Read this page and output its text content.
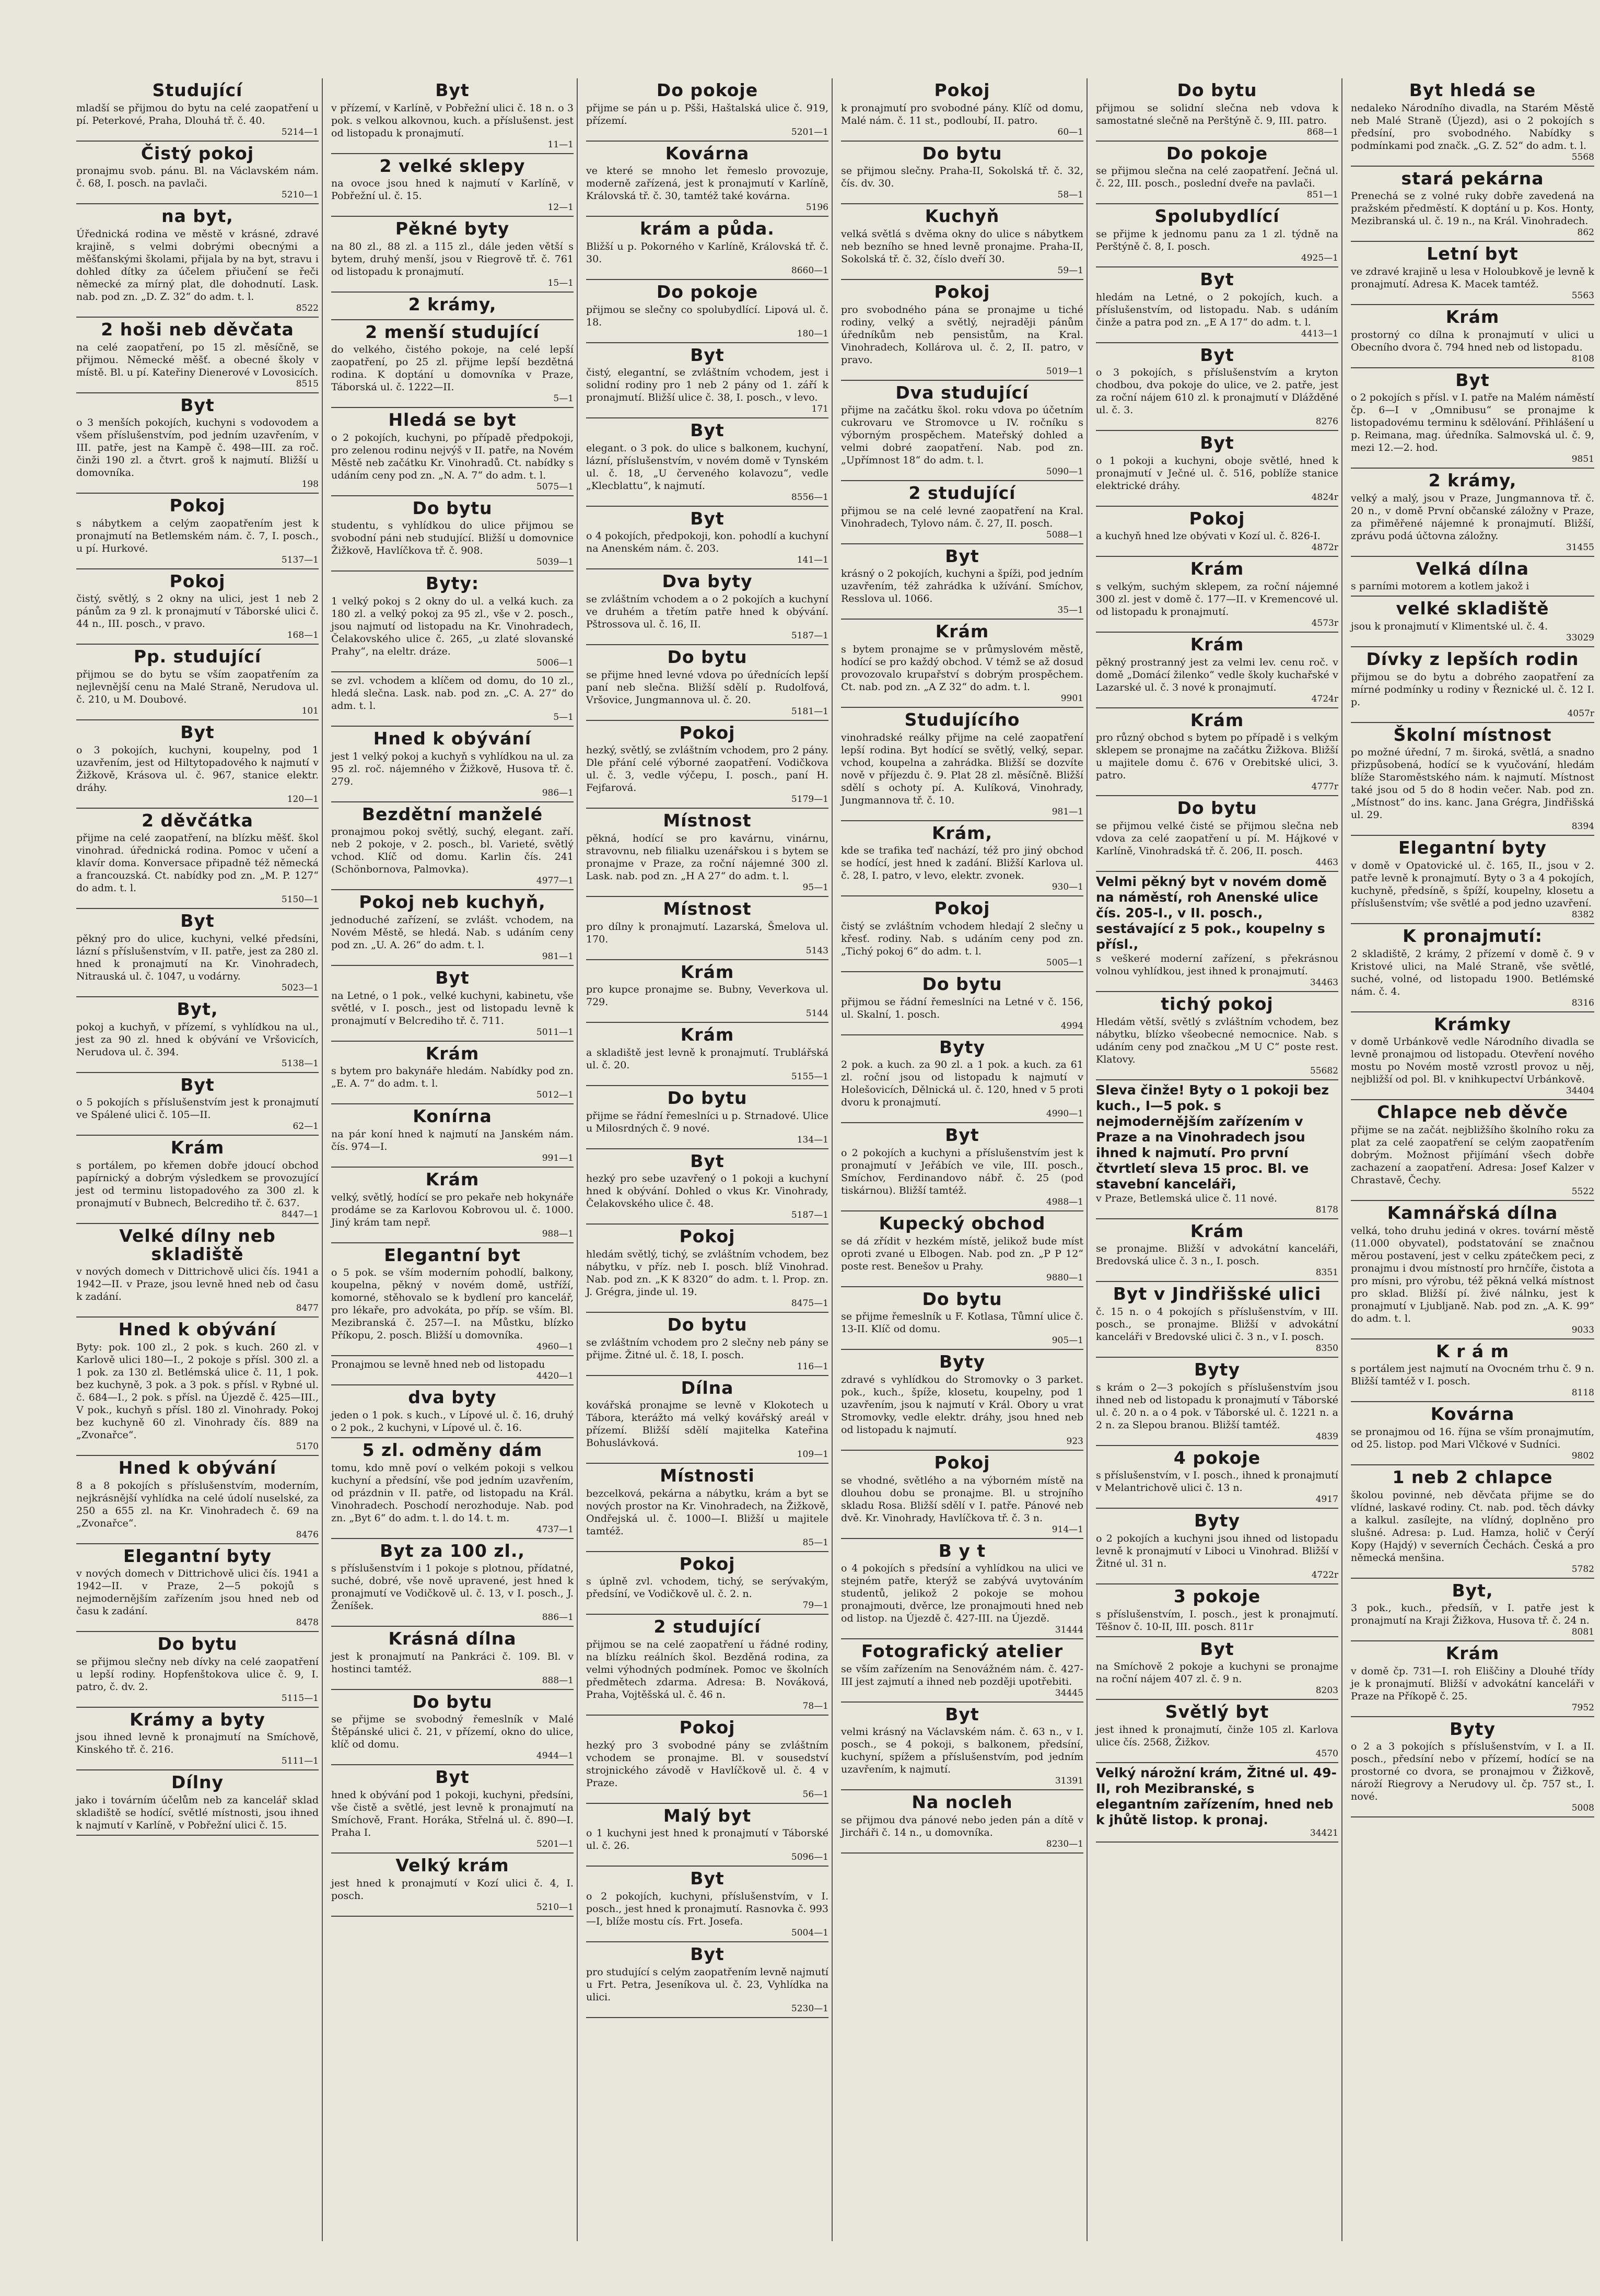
Studující

mladší se přijmou do bytu na celé zaopatření u pí. Peterkové, Praha, Dlouhá tř. č. 40.

5214—1
Čistý pokoj

pronajmu svob. pánu. Bl. na Václavském nám. č. 68, I. posch. na pavlači.

5210—1
na byt,

Úřednická rodina ve městě v krásné, zdravé krajině, s velmi dobrými obecnými a měšťanskými školami, přijala by na byt, stravu i dohled dítky za účelem přiučení se řeči německé za mírný plat, dle dohodnutí. Lask. nab. pod zn. „D. Z. 32“ do adm. t. l.

8522
2 hoši neb děvčata

na celé zaopatření, po 15 zl. měsíčně, se přijmou. Německé měšť. a obecné školy v místě. Bl. u pí. Kateřiny Dienerové v Lovosicích.

8515
Byt

o 3 menších pokojích, kuchyni s vodovodem a všem příslušenstvím, pod jedním uzavřením, v III. patře, jest na Kampě č. 498—III. za roč. činži 190 zl. a čtvrt. groš k najmutí. Bližší u domovníka.

198
Pokoj

s nábytkem a celým zaopatřením jest k pronajmutí na Betlemském nám. č. 7, I. posch., u pí. Hurkové.

5137—1
Pokoj

čistý, světlý, s 2 okny na ulici, jest 1 neb 2 pánům za 9 zl. k pronajmutí v Táborské ulici č. 44 n., III. posch., v pravo.

168—1
Pp. studující

přijmou se do bytu se vším zaopatřením za nejlevnější cenu na Malé Straně, Nerudova ul. č. 210, u M. Doubové.

101
Byt

o 3 pokojích, kuchyni, koupelny, pod 1 uzavřením, jest od Hiltytopadového k najmutí v Žižkově, Krásova ul. č. 967, stanice elektr. dráhy.

120—1
2 děvčátka

přijme na celé zaopatření, na blízku měšť. škol vinohrad. úřednická rodina. Pomoc v učení a klavír doma. Konversace připadně též německá a francouzská. Ct. nabídky pod zn. „M. P. 127“ do adm. t. l.

5150—1
Byt

pěkný pro do ulice, kuchyni, velké předsíni, lázní s příslušenstvím, v II. patře, jest za 280 zl. hned k pronajmutí na Kr. Vinohradech, Nitrauská ul. č. 1047, u vodárny.

5023—1
Byt,

pokoj a kuchyň, v přízemí, s vyhlídkou na ul., jest za 90 zl. hned k obývání ve Vršovicích, Nerudova ul. č. 394.

5138—1
Byt

o 5 pokojích s příslušenstvím jest k pronajmutí ve Spálené ulici č. 105—II.

62—1
Krám

s portálem, po křemen dobře jdoucí obchod papírnický a dobrým výsledkem se provozující jest od terminu listopadového za 300 zl. k pronajmutí v Bubnech, Belcrediho tř. č. 637.

8447—1
Velké dílny neb skladiště

v nových domech v Dittrichově ulici čís. 1941 a 1942—II. v Praze, jsou levně hned neb od času k zadání.

8477
Hned k obývání

Byty: pok. 100 zl., 2 pok. s kuch. 260 zl. v Karlově ulici 180—I., 2 pokoje s přísl. 300 zl. a 1 pok. za 130 zl. Betlémská ulice č. 11, 1 pok. bez kuchyně, 3 pok. a 3 pok. s přísl. v Rybné ul. č. 684—I., 2 pok. s přísl. na Újezdě č. 425—III., V pok., kuchyň s přísl. 180 zl. Vinohrady. Pokoj bez kuchyně 60 zl. Vinohrady čís. 889 na „Zvonařce“.

5170
Hned k obývání

8 a 8 pokojích s příslušenstvím, moderním, nejkrásnější vyhlídka na celé údolí nuselské, za 250 a 655 zl. na Kr. Vinohradech č. 69 na „Zvonařce“.

8476
Elegantní byty

v nových domech v Dittrichově ulici čís. 1941 a 1942—II. v Praze, 2—5 pokojů s nejmodernějším zařízením jsou hned neb od času k zadání.

8478
Do bytu

se přijmou slečny neb dívky na celé zaopatření u lepší rodiny. Hopfenštokova ulice č. 9, I. patro, č. dv. 2.

5115—1
Krámy a byty

jsou ihned levně k pronajmutí na Smíchově, Kinského tř. č. 216.

5111—1
Dílny

jako i továrním účelům neb za kancelář sklad skladiště se hodící, světlé místnosti, jsou ihned k najmutí v Karlíně, v Pobřežní ulici č. 15.

Byt

v přízemí, v Karlíně, v Pobřežní ulici č. 18 n. o 3 pok. s velkou alkovnou, kuch. a příslušenst. jest od listopadu k pronajmutí.

11—1
2 velké sklepy

na ovoce jsou hned k najmutí v Karlíně, v Pobřežní ul. č. 15.

12—1
Pěkné byty

na 80 zl., 88 zl. a 115 zl., dále jeden větší s bytem, druhý menší, jsou v Riegrově tř. č. 761 od listopadu k pronajmutí.

15—1
2 krámy,
2 menší studující

do velkého, čistého pokoje, na celé lepší zaopatření, po 25 zl. přijme lepší bezdětná rodina. K doptání u domovníka v Praze, Táborská ul. č. 1222—II.

5—1
Hledá se byt

o 2 pokojích, kuchyni, po případě předpokoji, pro zelenou rodinu nejvýš v II. patře, na Novém Městě neb začátku Kr. Vinohradů. Ct. nabídky s udáním ceny pod zn. „N. A. 7“ do adm. t. l.

5075—1
Do bytu

studentu, s vyhlídkou do ulice přijmou se svobodní páni neb studující. Bližší u domovnice Žižkově, Havlíčkova tř. č. 908.

5039—1
Byty:

1 velký pokoj s 2 okny do ul. a velká kuch. za 180 zl. a velký pokoj za 95 zl., vše v 2. posch., jsou najmutí od listopadu na Kr. Vinohradech, Čelakovského ulice č. 265, „u zlaté slovanské Prahy“, na eleltr. dráze.

5006—1

se zvl. vchodem a klíčem od domu, do 10 zl., hledá slečna. Lask. nab. pod zn. „C. A. 27“ do adm. t. l.

5—1
Hned k obývání

jest 1 velký pokoj a kuchyň s vyhlídkou na ul. za 95 zl. roč. nájemného v Žižkově, Husova tř. č. 279.

986—1
Bezdětní manželé

pronajmou pokoj světlý, suchý, elegant. zaří. neb 2 pokoje, v 2. posch., bl. Varieté, světlý vchod. Klíč od domu. Karlin čís. 241 (Schönbornova, Palmovka).

4977—1
Pokoj neb kuchyň,

jednoduché zařízení, se zvlášt. vchodem, na Novém Městě, se hledá. Nab. s udáním ceny pod zn. „U. A. 26“ do adm. t. l.

981—1
Byt

na Letné, o 1 pok., velké kuchyni, kabinetu, vše světlé, v I. posch., jest od listopadu levně k pronajmutí v Belcrediho tř. č. 711.

5011—1
Krám

s bytem pro bakynáře hledám. Nabídky pod zn. „E. A. 7“ do adm. t. l.

5012—1
Konírna

na pár koní hned k najmutí na Janském nám. čís. 974—I.

991—1
Krám

velký, světlý, hodící se pro pekaře neb hokynáře prodáme se za Karlovou Kobrovou ul. č. 1000. Jiný krám tam nepř.

988—1
Elegantní byt

o 5 pok. se vším moderním pohodlí, balkony, koupelna, pěkný v novém domě, ustříží, komorné, stěhovalo se k bydlení pro kancelář, pro lékaře, pro advokáta, po příp. se vším. Bl. Mezibranská č. 257—I. na Můstku, blízko Příkopu, 2. posch. Bližší u domovníka.

4960—1

Pronajmou se levně hned neb od listopadu

4420—1
dva byty

jeden o 1 pok. s kuch., v Lípové ul. č. 16, druhý o 2 pok., 2 kuchyni, v Lípové ul. č. 16.

5 zl. odměny dám

tomu, kdo mně poví o velkém pokoji s velkou kuchyní a předsíní, vše pod jedním uzavřením, od prázdnin v II. patře, od listopadu na Král. Vinohradech. Poschodí nerozhoduje. Nab. pod zn. „Byt 6“ do adm. t. l. do 14. t. m.

4737—1
Byt za 100 zl.,

s příslušenstvím i 1 pokoje s plotnou, přídatné, suché, dobré, vše nově upravené, jest hned k pronajmutí ve Vodičkově ul. č. 13, v I. posch., J. Ženíšek.

886—1
Krásná dílna

jest k pronajmutí na Pankráci č. 109. Bl. v hostinci tamtéž.

888—1
Do bytu

se přijme se svobodný řemeslník v Malé Štěpánské ulici č. 21, v přízemí, okno do ulice, klíč od domu.

4944—1
Byt

hned k obývání pod 1 pokoji, kuchyni, předsíni, vše čistě a světlé, jest levně k pronajmutí na Smíchově, Frant. Horáka, Střelná ul. č. 890—I. Praha I.

5201—1
Velký krám

jest hned k pronajmutí v Kozí ulici č. 4, I. posch.

5210—1
Do pokoje

přijme se pán u p. Pšši, Haštalská ulice č. 919, přízemí.

5201—1
Kovárna

ve které se mnoho let řemeslo provozuje, moderně zařízená, jest k pronajmutí v Karlíně, Královská tř. č. 30, tamtéž také kovárna.

5196
krám a půda.

Bližší u p. Pokorného v Karlíně, Královská tř. č. 30.

8660—1
Do pokoje

přijmou se slečny co spolubydlící. Lipová ul. č. 18.

180—1
Byt

čistý, elegantní, se zvláštním vchodem, jest i solidní rodiny pro 1 neb 2 pány od 1. září k pronajmutí. Bližší ulice č. 38, I. posch., v levo.

171
Byt

elegant. o 3 pok. do ulice s balkonem, kuchyní, lázní, příslušenstvím, v novém domě v Tynském ul. č. 18, „U červeného kolavozu“, vedle „Klecblattu“, k najmutí.

8556—1
Byt

o 4 pokojích, předpokoji, kon. pohodlí a kuchyní na Anenském nám. č. 203.

141—1
Dva byty

se zvláštním vchodem a o 2 pokojích a kuchyní ve druhém a třetím patře hned k obývání. Pštrossova ul. č. 16, II.

5187—1
Do bytu

se přijme hned levné vdova po úřednících lepší paní neb slečna. Bližší sdělí p. Rudolfová, Vršovice, Jungmannova ul. č. 20.

5181—1
Pokoj

hezký, světlý, se zvláštním vchodem, pro 2 pány. Dle přání celé výborné zaopatření. Vodičkova ul. č. 3, vedle výčepu, I. posch., paní H. Fejfarová.

5179—1
Místnost

pěkná, hodící se pro kavárnu, vinárnu, stravovnu, neb filialku uzenářskou i s bytem se pronajme v Praze, za roční nájemné 300 zl. Lask. nab. pod zn. „H A 27“ do adm. t. l.

95—1
Místnost

pro dílny k pronajmutí. Lazarská, Šmelova ul. 170.

5143
Krám

pro kupce pronajme se. Bubny, Veverkova ul. 729.

5144
Krám

a skladiště jest levně k pronajmutí. Trublářská ul. č. 20.

5155—1
Do bytu

přijme se řádní řemeslníci u p. Strnadové. Ulice u Milosrdných č. 9 nové.

134—1
Byt

hezký pro sebe uzavřený o 1 pokoji a kuchyní hned k obývání. Dohled o vkus Kr. Vinohrady, Čelakovského ulice č. 48.

5187—1
Pokoj

hledám světlý, tichý, se zvláštním vchodem, bez nábytku, v příz. neb I. posch. blíž Vinohrad. Nab. pod zn. „K K 8320“ do adm. t. l. Prop. zn. J. Grégra, jinde ul. 19.

8475—1
Do bytu

se zvláštním vchodem pro 2 slečny neb pány se přijme. Žitné ul. č. 18, I. posch.

116—1
Dílna

kovářská pronajme se levně v Klokotech u Tábora, kterážto má velký kovářský areál v přízemí. Bližší sdělí majitelka Kateřina Bohuslávková.

109—1
Místnosti

bezcelková, pekárna a nábytku, krám a byt se nových prostor na Kr. Vinohradech, na Žižkově, Ondřejská ul. č. 1000—I. Bližší u majitele tamtéž.

85—1
Pokoj

s úplně zvl. vchodem, tichý, se serývakým, předsíní, ve Vodičkově ul. č. 2. n.

79—1
2 studující

přijmou se na celé zaopatření u řádné rodiny, na blízku reálních škol. Bezděná rodina, za velmi výhodných podmínek. Pomoc ve školních předmětech zdarma. Adresa: B. Nováková, Praha, Vojtěšská ul. č. 46 n.

78—1
Pokoj

hezký pro 3 svobodné pány se zvláštním vchodem se pronajme. Bl. v sousedství strojnického závodě v Havlíčkově ul. č. 4 v Praze.

56—1
Malý byt

o 1 kuchyni jest hned k pronajmutí v Táborské ul. č. 26.

5096—1
Byt

o 2 pokojích, kuchyni, příslušenstvím, v I. posch., jest hned k pronajmutí. Rasnovka č. 993—I, blíže mostu cís. Frt. Josefa.

5004—1
Byt

pro studující s celým zaopatřením levně najmutí u Frt. Petra, Jeseníkova ul. č. 23, Vyhlídka na ulici.

5230—1
Pokoj

k pronajmutí pro svobodné pány. Klíč od domu, Malé nám. č. 11 st., podloubí, II. patro.

60—1
Do bytu

se přijmou slečny. Praha-II, Sokolská tř. č. 32, čís. dv. 30.

58—1
Kuchyň

velká světlá s dvěma okny do ulice s nábytkem neb bezního se hned levně pronajme. Praha-II, Sokolská tř. č. 32, číslo dveří 30.

59—1
Pokoj

pro svobodného pána se pronajme u tiché rodiny, velký a světlý, nejraději pánům úředníkům neb pensistům, na Kral. Vinohradech, Kollárova ul. č. 2, II. patro, v pravo.

5019—1
Dva studující

přijme na začátku škol. roku vdova po účetním cukrovaru ve Stromovce u IV. ročníku s výborným prospěchem. Mateřský dohled a velmi dobré zaopatření. Nab. pod zn. „Upřímnost 18“ do adm. t. l.

5090—1
2 studující

přijmou se na celé levné zaopatření na Kral. Vinohradech, Tylovo nám. č. 27, II. posch.

5088—1
Byt

krásný o 2 pokojích, kuchyni a špíži, pod jedním uzavřením, též zahrádka k užívání. Smíchov, Resslova ul. 1066.

35—1
Krám

s bytem pronajme se v průmyslovém městě, hodící se pro každý obchod. V témž se až dosud provozovalo krupařství s dobrým prospěchem. Ct. nab. pod zn. „A Z 32“ do adm. t. l.

9901
Studujícího

vinohradské reálky přijme na celé zaopatření lepší rodina. Byt hodící se světlý, velký, separ. vchod, koupelna a zahrádka. Bližší se dozvíte nově v příjezdu č. 9. Plat 28 zl. měsíčně. Bližší sdělí s ochoty pí. A. Kulíková, Vinohrady, Jungmannova tř. č. 10.

981—1
Krám,

kde se trafika teď nachází, též pro jiný obchod se hodící, jest hned k zadání. Bližší Karlova ul. č. 28, I. patro, v levo, elektr. zvonek.

930—1
Pokoj

čistý se zvláštním vchodem hledají 2 slečny u křesť. rodiny. Nab. s udáním ceny pod zn. „Tichý pokoj 6“ do adm. t. l.

5005—1
Do bytu

přijmou se řádní řemeslníci na Letné v č. 156, ul. Skalní, 1. posch.

4994
Byty

2 pok. a kuch. za 90 zl. a 1 pok. a kuch. za 61 zl. roční jsou od listopadu k najmutí v Holešovicích, Dělnická ul. č. 120, hned v 5 proti dvoru k pronajmutí.

4990—1
Byt

o 2 pokojích a kuchyni a příslušenstvím jest k pronajmutí v Jeřábích ve vile, III. posch., Smíchov, Ferdinandovo nábř. č. 25 (pod tiskárnou). Bližší tamtéž.

4988—1
Kupecký obchod

se dá zřídit v hezkém místě, jelikož bude míst oproti zvané u Elbogen. Nab. pod zn. „P P 12“ poste rest. Benešov u Prahy.

9880—1
Do bytu

se přijme řemeslník u F. Kotlasa, Tůmní ulice č. 13-II. Klíč od domu.

905—1
Byty

zdravé s vyhlídkou do Stromovky o 3 parket. pok., kuch., špíže, klosetu, koupelny, pod 1 uzavřením, jsou k najmutí v Král. Obory u vrat Stromovky, vedle elektr. dráhy, jsou hned neb od listopadu k najmutí.

923
Pokoj

se vhodné, světlého a na výborném místě na dlouhou dobu se pronajme. Bl. u strojního skladu Rosa. Bližší sdělí v I. patře. Pánové neb dvě. Kr. Vinohrady, Havlíčkova tř. č. 3 n.

914—1
B y t

o 4 pokojích s předsíní a vyhlídkou na ulici ve stejném patře, kterýž se zabývá uvytováním studentů, jelikož 2 pokoje se mohou pronajmouti, dvěrce, lze pronajmouti hned neb od listop. na Újezdě č. 427-III. na Újezdě.

31444
Fotografický atelier

se vším zařízením na Senovážném nám. č. 427-III jest zajmutí a ihned neb později upotřebiti.

34445
Byt

velmi krásný na Václavském nám. č. 63 n., v I. posch., se 4 pokoji, s balkonem, předsíní, kuchyní, spížem a příslušenstvím, pod jedním uzavřením, k najmutí.

31391
Na nocleh

se přijmou dva pánové nebo jeden pán a dítě v Jircháři č. 14 n., u domovníka.

8230—1
Do bytu

přijmou se solidní slečna neb vdova k samostatné slečně na Perštýně č. 9, III. patro.

868—1
Do pokoje

se přijmou slečna na celé zaopatření. Ječná ul. č. 22, III. posch., poslední dveře na pavlači.

851—1
Spolubydlící

se přijme k jednomu panu za 1 zl. týdně na Perštýně č. 8, I. posch.

4925—1
Byt

hledám na Letné, o 2 pokojích, kuch. a příslušenstvím, od listopadu. Nab. s udáním činže a patra pod zn. „E A 17“ do adm. t. l.

4413—1
Byt

o 3 pokojích, s příslušenstvím a kryton chodbou, dva pokoje do ulice, ve 2. patře, jest za roční nájem 610 zl. k pronajmutí v Dlážděné ul. č. 3.

8276
Byt

o 1 pokoji a kuchyni, oboje světlé, hned k pronajmutí v Ječné ul. č. 516, poblíže stanice elektrické dráhy.

4824r
Pokoj

a kuchyň hned lze obývati v Kozí ul. č. 826-I.

4872r
Krám

s velkým, suchým sklepem, za roční nájemné 300 zl. jest v domě č. 177—II. v Kremencové ul. od listopadu k pronajmutí.

4573r
Krám

pěkný prostranný jest za velmi lev. cenu roč. v domě „Domácí žilenko“ vedle školy kuchařské v Lazarské ul. č. 3 nové k pronajmutí.

4724r
Krám

pro různý obchod s bytem po případě i s velkým sklepem se pronajme na začátku Žižkova. Bližší u majitele domu č. 676 v Orebitské ulici, 3. patro.

4777r
Do bytu

se přijmou velké čisté se přijmou slečna neb vdova za celé zaopatření u pí. M. Hájkové v Karlíně, Vinohradská tř. č. 206, II. posch.

4463
Velmi pěkný byt v novém domě na náměstí, roh Anenské ulice čís. 205-I., v II. posch., sestávající z 5 pok., koupelny s přísl.,

s veškeré moderní zařízení, s překrásnou volnou vyhlídkou, jest ihned k pronajmutí.

34463
tichý pokoj

Hledám větší, světlý s zvláštním vchodem, bez nábytku, blízko všeobecné nemocnice. Nab. s udáním ceny pod značkou „M U C“ poste rest. Klatovy.

55682
Sleva činže! Byty o 1 pokoji bez kuch., I—5 pok. s nejmodernějším zařízením v Praze a na Vinohradech jsou ihned k najmutí. Pro první čtvrtletí sleva 15 proc. Bl. ve stavební kanceláři,

v Praze, Betlemská ulice č. 11 nové.

8178
Krám

se pronajme. Bližší v advokátní kanceláři, Bredovská ulice č. 3 n., I. posch.

8351
Byt v Jindřišské ulici

č. 15 n. o 4 pokojích s příslušenstvím, v III. posch., se pronajme. Bližší v advokátní kanceláři v Bredovské ulici č. 3 n., v I. posch.

8350
Byty

s krám o 2—3 pokojích s příslušenstvím jsou ihned neb od listopadu k pronajmutí v Táborské ul. č. 20 n. a o 4 pok. v Táborské ul. č. 1221 n. a 2 n. za Slepou branou. Bližší tamtéž.

4839
4 pokoje

s příslušenstvím, v I. posch., ihned k pronajmutí v Melantrichově ulici č. 13 n.

4917
Byty

o 2 pokojích a kuchyni jsou ihned od listopadu levně k pronajmutí v Liboci u Vinohrad. Bližší v Žitné ul. 31 n.

4722r
3 pokoje

s příslušenstvím, I. posch., jest k pronajmutí. Těšnov č. 10-II, III. posch. 811r

Byt

na Smíchově 2 pokoje a kuchyni se pronajme na roční nájem 407 zl. č. 9 n.

8203
Světlý byt

jest ihned k pronajmutí, činže 105 zl. Karlova ulice čís. 2568, Žižkov.

4570
Velký nárožní krám, Žitné ul. 49-II, roh Mezibranské, s elegantním zařízením, hned neb k jhůtě listop. k pronaj.
34421
Byt hledá se

nedaleko Národního divadla, na Starém Městě neb Malé Straně (Újezd), asi o 2 pokojích s předsíní, pro svobodného. Nabídky s podmínkami pod značk. „G. Z. 52“ do adm. t. l.

5568
stará pekárna

Prenechá se z volné ruky dobře zavedená na pražském předměstí. K doptání u p. Kos. Honty, Mezibranská ul. č. 19 n., na Král. Vinohradech.

862
Letní byt

ve zdravé krajině u lesa v Holoubkově je levně k pronajmutí. Adresa K. Macek tamtéž.

5563
Krám

prostorný co dílna k pronajmutí v ulici u Obecního dvora č. 794 hned neb od listopadu.

8108
Byt

o 2 pokojích s přísl. v I. patře na Malém náměstí čp. 6—I v „Omnibusu“ se pronajme k listopadovému terminu k sdělování. Přihlášení u p. Reimana, mag. úředníka. Salmovská ul. č. 9, mezi 12.—2. hod.

9851
2 krámy,

velký a malý, jsou v Praze, Jungmannova tř. č. 20 n., v domě První občanské záložny v Praze, za přiměřené nájemné k pronajmutí. Bližší, zprávu podá účtovna záložny.

31455
Velká dílna

s parními motorem a kotlem jakož i

velké skladiště

jsou k pronajmutí v Klimentské ul. č. 4.

33029
Dívky z lepších rodin

přijmou se do bytu a dobrého zaopatření za mírné podmínky u rodiny v Řeznické ul. č. 12 I. p.

4057r
Školní místnost

po možné úřední, 7 m. široká, světlá, a snadno přizpůsobená, hodící se k vyučování, hledám blíže Staroměstského nám. k najmutí. Místnost také jsou od 5 do 8 hodin večer. Nab. pod zn. „Místnost“ do ins. kanc. Jana Grégra, Jindřišská ul. 29.

8394
Elegantní byty

v domě v Opatovické ul. č. 165, II., jsou v 2. patře levně k pronajmutí. Byty o 3 a 4 pokojích, kuchyně, předsíně, s špíží, koupelny, klosetu a příslušenstvím; vše světlé a pod jedno uzavření.

8382
K pronajmutí:

2 skladiště, 2 krámy, 2 přízemí v domě č. 9 v Kristové ulici, na Malé Straně, vše světlé, suché, volné, od listopadu 1900. Betlémské nám. č. 4.

8316
Krámky

v domě Urbánkově vedle Národního divadla se levně pronajmou od listopadu. Otevření nového mostu po Novém mostě vzrostl provoz u něj, nejbližší od pol. Bl. v knihkupectví Urbánkově.

34404
Chlapce neb děvče

přijme se na začát. nejbližšího školního roku za plat za celé zaopatření se celým zaopatřením dobrým. Možnost přijímání všech dobře zachazení a zaopatření. Adresa: Josef Kalzer v Chrastavě, Čechy.

5522
Kamnářská dílna

velká, toho druhu jediná v okres. tovární městě (11.000 obyvatel), podstatování se značnou měrou postavení, jest v celku zpátečkem peci, z pronajmu i dvou místností pro hrnčíře, čistota a pro mísni, pro výrobu, též pěkná velká místnost pro sklad. Bližší pí. živé nálnku, jest k pronajmutí v Ljubljaně. Nab. pod zn. „A. K. 99“ do adm. t. l.

9033
K r á m

s portálem jest najmutí na Ovocném trhu č. 9 n. Bližší tamtéž v I. posch.

8118
Kovárna

se pronajmou od 16. října se vším pronajmutím, od 25. listop. pod Mari Vlčkové v Sudníci.

9802
1 neb 2 chlapce

školou povinné, neb děvčata přijme se do vlídné, laskavé rodiny. Ct. nab. pod. těch dávky a kalkul. zasílejte, na vlídný, doplněno pro slušné. Adresa: p. Lud. Hamza, holič v Čerýí Kopy (Hajdý) v severních Čechách. Česká a pro německá menšina.

5782
Byt,

3 pok., kuch., předsíň, v I. patře jest k pronajmutí na Kraji Žižkova, Husova tř. č. 24 n.

8081
Krám

v domě čp. 731—I. roh Eliščiny a Dlouhé třídy je k pronajmutí. Bližší v advokátní kanceláři v Praze na Příkopě č. 25.

7952
Byty

o 2 a 3 pokojích s příslušenstvím, v I. a II. posch., předsíní nebo v přízemí, hodící se na prostorné co dvora, se pronajmou v Žižkově, nároží Riegrovy a Nerudovy ul. čp. 757 st., I. nové.

5008
